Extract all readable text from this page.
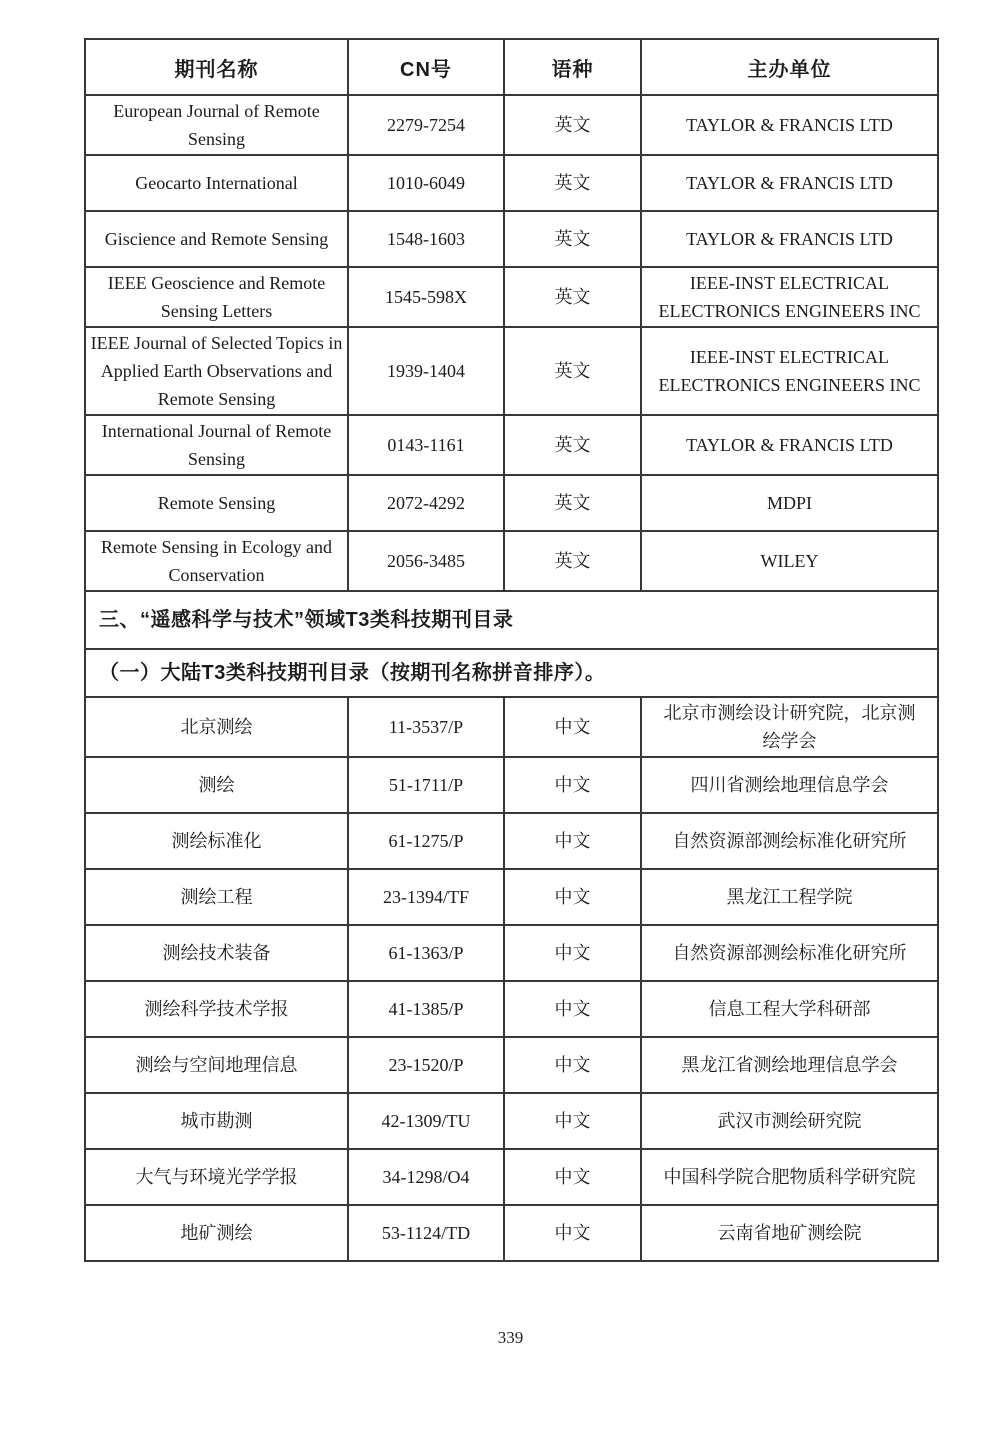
期刊名称	CN号	语种	主办单位
European Journal of Remote Sensing	2279-7254	英文	TAYLOR & FRANCIS LTD
Geocarto International	1010-6049	英文	TAYLOR & FRANCIS LTD
Giscience and Remote Sensing	1548-1603	英文	TAYLOR & FRANCIS LTD
IEEE Geoscience and Remote Sensing Letters	1545-598X	英文	IEEE-INST ELECTRICAL ELECTRONICS ENGINEERS INC
IEEE Journal of Selected Topics in Applied Earth Observations and Remote Sensing	1939-1404	英文	IEEE-INST ELECTRICAL ELECTRONICS ENGINEERS INC
International Journal of Remote Sensing	0143-1161	英文	TAYLOR & FRANCIS LTD
Remote Sensing	2072-4292	英文	MDPI
Remote Sensing in Ecology and Conservation	2056-3485	英文	WILEY
三、“遥感科学与技术”领域T3类科技期刊目录			
（一）大陆T3类科技期刊目录（按期刊名称拼音排序）。			
北京测绘	11-3537/P	中文	北京市测绘设计研究院，北京测绘学会
测绘	51-1711/P	中文	四川省测绘地理信息学会
测绘标准化	61-1275/P	中文	自然资源部测绘标准化研究所
测绘工程	23-1394/TF	中文	黑龙江工程学院
测绘技术装备	61-1363/P	中文	自然资源部测绘标准化研究所
测绘科学技术学报	41-1385/P	中文	信息工程大学科研部
测绘与空间地理信息	23-1520/P	中文	黑龙江省测绘地理信息学会
城市勘测	42-1309/TU	中文	武汉市测绘研究院
大气与环境光学学报	34-1298/O4	中文	中国科学院合肥物质科学研究院
地矿测绘	53-1124/TD	中文	云南省地矿测绘院
339
